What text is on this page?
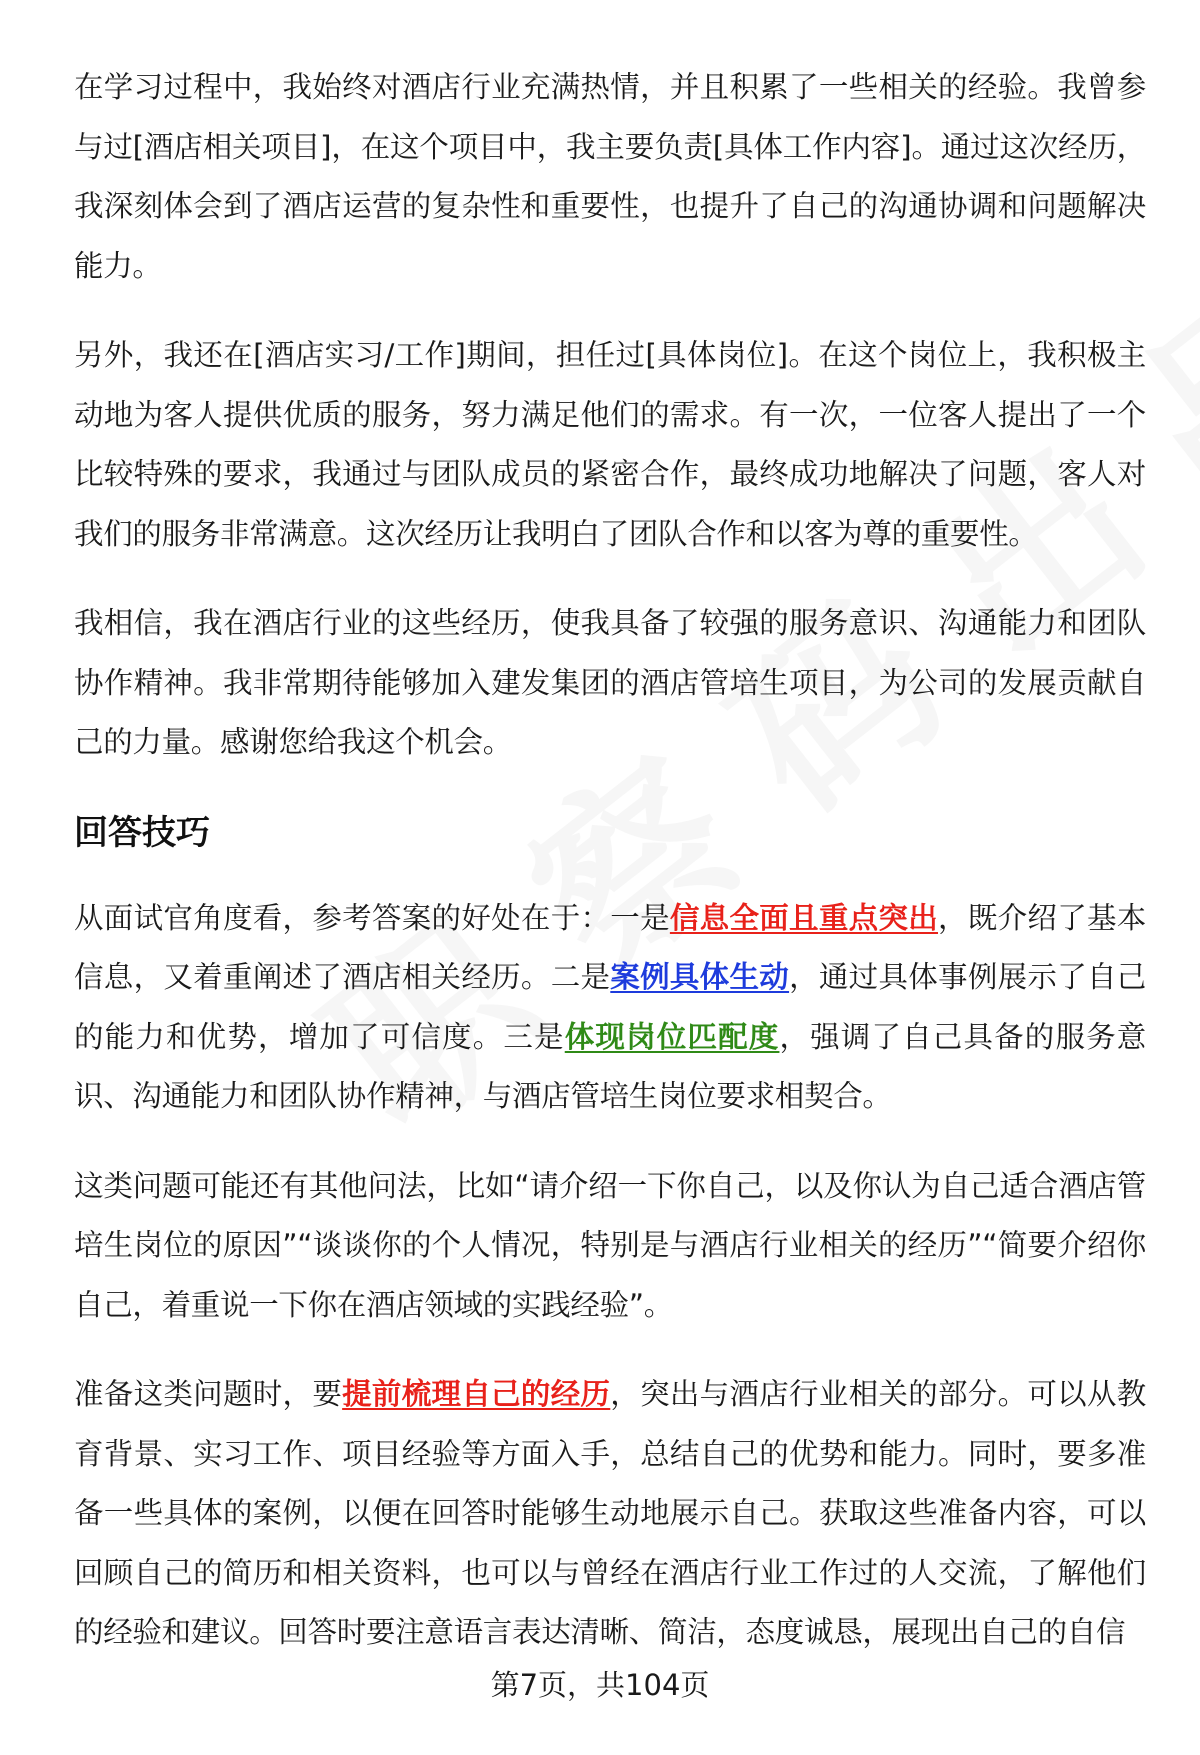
在学习过程中，我始终对酒店行业充满热情，并且积累了一些相关的经验。我曾参与过[酒店相关项目]，在这个项目中，我主要负责[具体工作内容]。通过这次经历，我深刻体会到了酒店运营的复杂性和重要性，也提升了自己的沟通协调和问题解决能力。

另外，我还在[酒店实习/工作]期间，担任过[具体岗位]。在这个岗位上，我积极主动地为客人提供优质的服务，努力满足他们的需求。有一次，一位客人提出了一个比较特殊的要求，我通过与团队成员的紧密合作，最终成功地解决了问题，客人对我们的服务非常满意。这次经历让我明白了团队合作和以客为尊的重要性。

我相信，我在酒店行业的这些经历，使我具备了较强的服务意识、沟通能力和团队协作精神。我非常期待能够加入建发集团的酒店管培生项目，为公司的发展贡献自己的力量。感谢您给我这个机会。

回答技巧

从面试官角度看，参考答案的好处在于：一是信息全面且重点突出，既介绍了基本信息，又着重阐述了酒店相关经历。二是案例具体生动，通过具体事例展示了自己的能力和优势，增加了可信度。三是体现岗位匹配度，强调了自己具备的服务意识、沟通能力和团队协作精神，与酒店管培生岗位要求相契合。

这类问题可能还有其他问法，比如“请介绍一下你自己，以及你认为自己适合酒店管培生岗位的原因”“谈谈你的个人情况，特别是与酒店行业相关的经历”“简要介绍你自己，着重说一下你在酒店领域的实践经验”。

准备这类问题时，要提前梳理自己的经历，突出与酒店行业相关的部分。可以从教育背景、实习工作、项目经验等方面入手，总结自己的优势和能力。同时，要多准备一些具体的案例，以便在回答时能够生动地展示自己。获取这些准备内容，可以回顾自己的简历和相关资料，也可以与曾经在酒店行业工作过的人交流，了解他们的经验和建议。回答时要注意语言表达清晰、简洁，态度诚恳，展现出自己的自信

第7页，共104页
